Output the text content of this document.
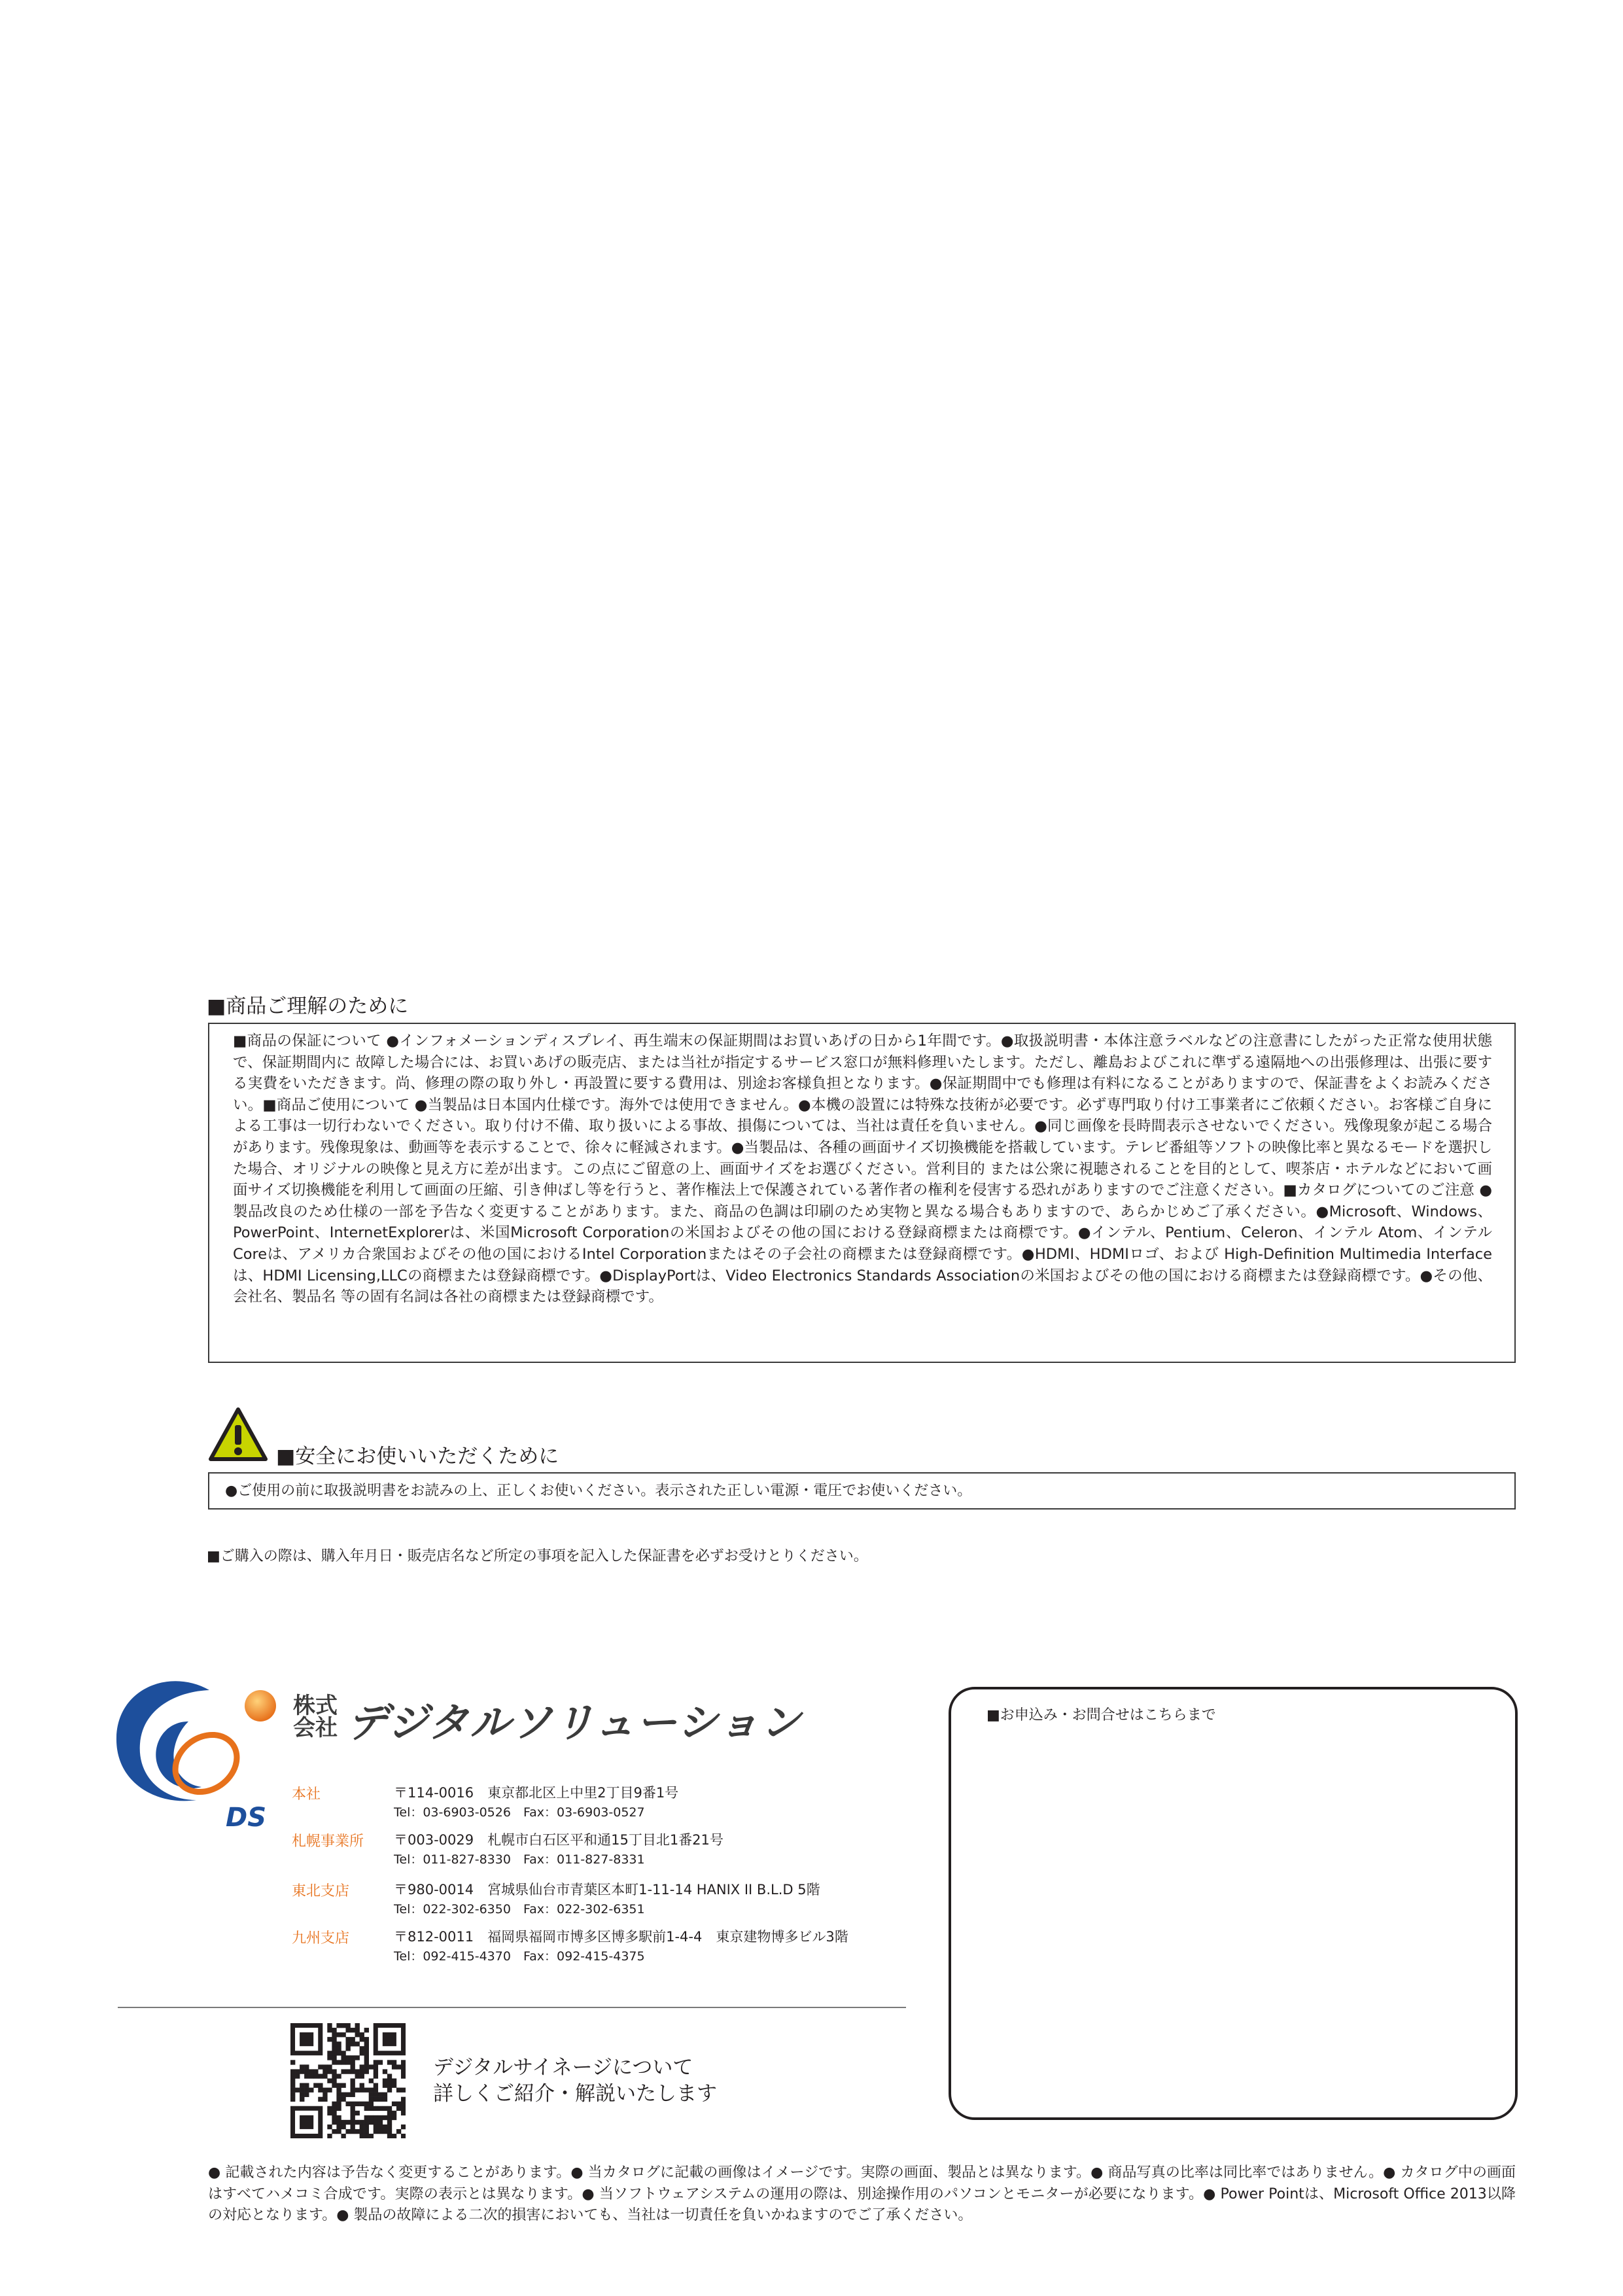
■商品ご理解のために

■商品の保証について ●インフォメーションディスプレイ、再生端末の保証期間はお買いあげの日から1年間です。●取扱説明書・本体注意ラベルなどの注意書にしたがった正常な使用状態で、保証期間内に 故障した場合には、お買いあげの販売店、または当社が指定するサービス窓口が無料修理いたします。ただし、離島およびこれに準ずる遠隔地への出張修理は、出張に要する実費をいただきます。尚、修理の際の取り外し・再設置に要する費用は、別途お客様負担となります。●保証期間中でも修理は有料になることがありますので、保証書をよくお読みください。■商品ご使用について ●当製品は日本国内仕様です。海外では使用できません。●本機の設置には特殊な技術が必要です。必ず専門取り付け工事業者にご依頼ください。お客様ご自身による工事は一切行わないでください。取り付け不備、取り扱いによる事故、損傷については、当社は責任を負いません。●同じ画像を長時間表示させないでください。残像現象が起こる場合があります。残像現象は、動画等を表示することで、徐々に軽減されます。●当製品は、各種の画面サイズ切換機能を搭載しています。テレビ番組等ソフトの映像比率と異なるモードを選択した場合、オリジナルの映像と見え方に差が出ます。この点にご留意の上、画面サイズをお選びください。営利目的 または公衆に視聴されることを目的として、喫茶店・ホテルなどにおいて画面サイズ切換機能を利用して画面の圧縮、引き伸ばし等を行うと、著作権法上で保護されている著作者の権利を侵害する恐れがありますのでご注意ください。■カタログについてのご注意 ●製品改良のため仕様の一部を予告なく変更することがあります。また、商品の色調は印刷のため実物と異なる場合もありますので、あらかじめご了承ください。●Microsoft、Windows、PowerPoint、InternetExplorerは、米国Microsoft Corporationの米国およびその他の国における登録商標または商標です。●インテル、Pentium、Celeron、インテル Atom、インテル Coreは、アメリカ合衆国およびその他の国におけるIntel Corporationまたはその子会社の商標または登録商標です。●HDMI、HDMIロゴ、および High-Definition Multimedia Interfaceは、HDMI Licensing,LLCの商標または登録商標です。●DisplayPortは、Video Electronics Standards Associationの米国およびその他の国における商標または登録商標です。●その他、会社名、製品名 等の固有名詞は各社の商標または登録商標です。

■安全にお使いいただくために
●ご使用の前に取扱説明書をお読みの上、正しくお使いください。表示された正しい電源・電圧でお使いください。
■ご購入の際は、購入年月日・販売店名など所定の事項を記入した保証書を必ずお受けとりください。
DS
株式
会社 デジタルソリューション
本社	〒114-0016　東京都北区上中里2丁目9番1号
Tel：03-6903-0526　Fax：03-6903-0527
札幌事業所 〒003-0029　札幌市白石区平和通15丁目北1番21号
Tel：011-827-8330　Fax：011-827-8331
東北支店	〒980-0014　宮城県仙台市青葉区本町1-11-14 HANIX II B.L.D 5階
Tel：022-302-6350　Fax：022-302-6351
九州支店	〒812-0011　福岡県福岡市博多区博多駅前1-4-4　東京建物博多ビル3階
Tel：092-415-4370　Fax：092-415-4375
デジタルサイネージについて
詳しくご紹介・解説いたします
■お申込み・お問合せはこちらまで

● 記載された内容は予告なく変更することがあります。● 当カタログに記載の画像はイメージです。実際の画面、製品とは異なります。● 商品写真の比率は同比率ではありません。● カタログ中の画面はすべてハメコミ合成です。実際の表示とは異なります。● 当ソフトウェアシステムの運用の際は、別途操作用のパソコンとモニターが必要になります。● Power Pointは、Microsoft Office 2013以降の対応となります。● 製品の故障による二次的損害においても、当社は一切責任を負いかねますのでご了承ください。
